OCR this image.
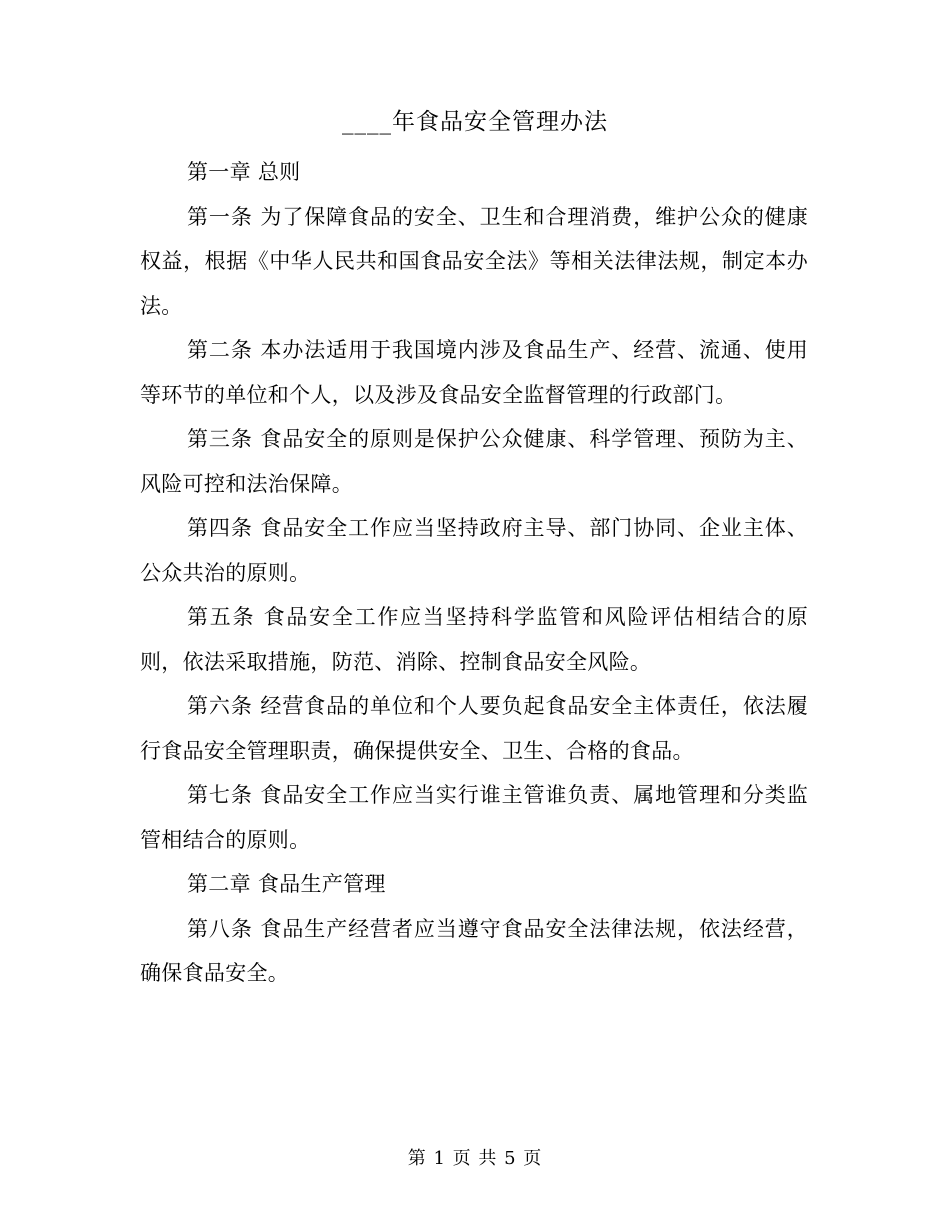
____年食品安全管理办法

第一章 总则

第一条 为了保障食品的安全、卫生和合理消费，维护公众的健康权益，根据《中华人民共和国食品安全法》等相关法律法规，制定本办法。

第二条 本办法适用于我国境内涉及食品生产、经营、流通、使用等环节的单位和个人，以及涉及食品安全监督管理的行政部门。

第三条 食品安全的原则是保护公众健康、科学管理、预防为主、风险可控和法治保障。

第四条 食品安全工作应当坚持政府主导、部门协同、企业主体、公众共治的原则。

第五条 食品安全工作应当坚持科学监管和风险评估相结合的原则，依法采取措施，防范、消除、控制食品安全风险。

第六条 经营食品的单位和个人要负起食品安全主体责任，依法履行食品安全管理职责，确保提供安全、卫生、合格的食品。

第七条 食品安全工作应当实行谁主管谁负责、属地管理和分类监管相结合的原则。

第二章 食品生产管理

第八条 食品生产经营者应当遵守食品安全法律法规，依法经营，确保食品安全。

第 1 页 共 5 页
